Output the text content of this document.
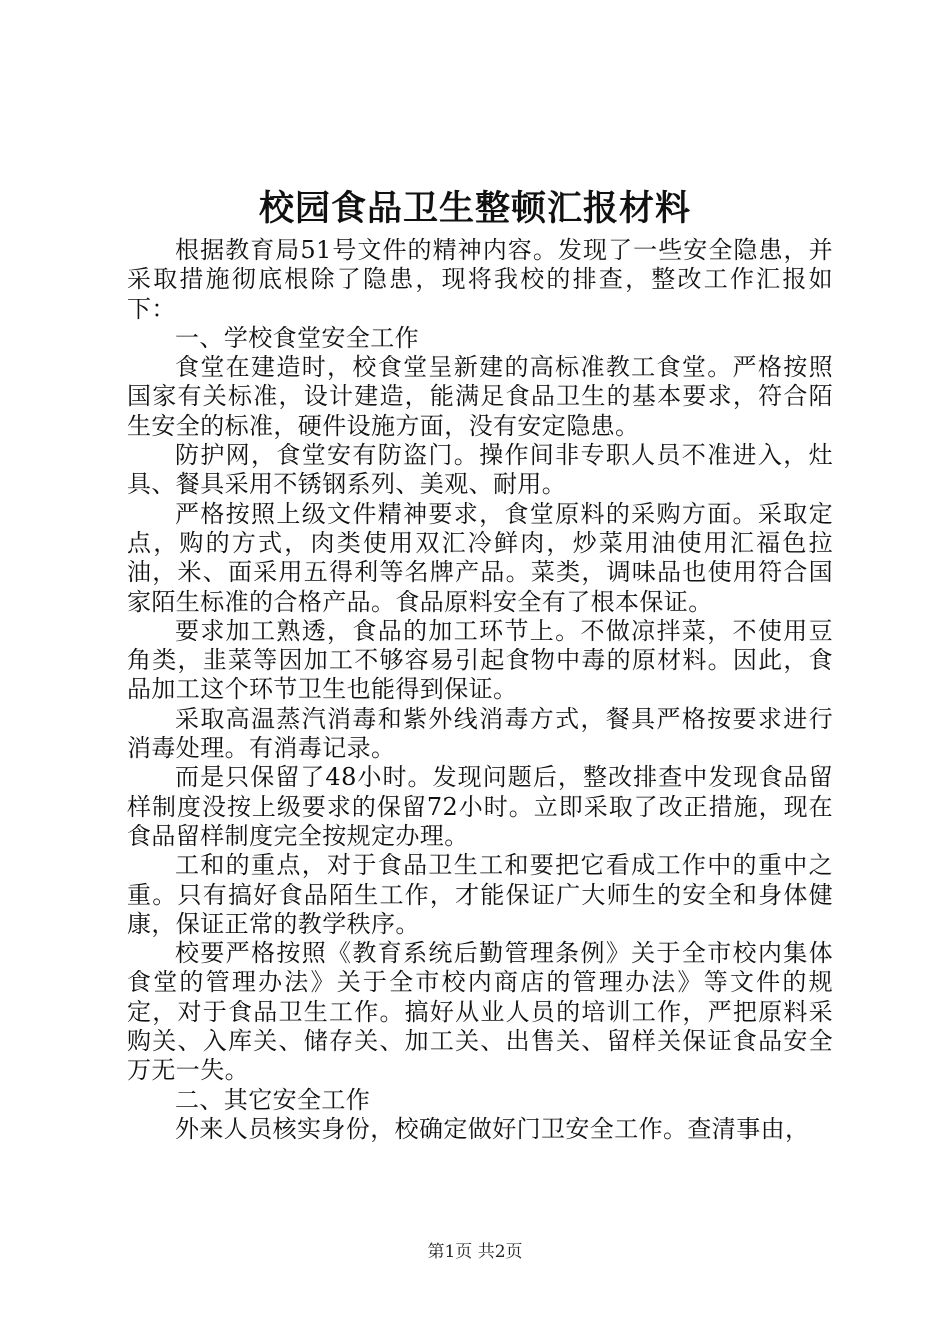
校园食品卫生整顿汇报材料

根据教育局51号文件的精神内容。发现了一些安全隐患，并采取措施彻底根除了隐患，现将我校的排查，整改工作汇报如下：

一、学校食堂安全工作

食堂在建造时，校食堂呈新建的高标准教工食堂。严格按照国家有关标准，设计建造，能满足食品卫生的基本要求，符合陌生安全的标准，硬件设施方面，没有安定隐患。

防护网，食堂安有防盗门。操作间非专职人员不准进入，灶具、餐具采用不锈钢系列、美观、耐用。

严格按照上级文件精神要求，食堂原料的采购方面。采取定点，购的方式，肉类使用双汇冷鲜肉，炒菜用油使用汇福色拉油，米、面采用五得利等名牌产品。菜类，调味品也使用符合国家陌生标准的合格产品。食品原料安全有了根本保证。

要求加工熟透，食品的加工环节上。不做凉拌菜，不使用豆角类，韭菜等因加工不够容易引起食物中毒的原材料。因此，食品加工这个环节卫生也能得到保证。

采取高温蒸汽消毒和紫外线消毒方式，餐具严格按要求进行消毒处理。有消毒记录。

而是只保留了48小时。发现问题后，整改排查中发现食品留样制度没按上级要求的保留72小时。立即采取了改正措施，现在食品留样制度完全按规定办理。

工和的重点，对于食品卫生工和要把它看成工作中的重中之重。只有搞好食品陌生工作，才能保证广大师生的安全和身体健康，保证正常的教学秩序。

校要严格按照《教育系统后勤管理条例》关于全市校内集体食堂的管理办法》关于全市校内商店的管理办法》等文件的规定，对于食品卫生工作。搞好从业人员的培训工作，严把原料采购关、入库关、储存关、加工关、出售关、留样关保证食品安全万无一失。

二、其它安全工作

外来人员核实身份，校确定做好门卫安全工作。查清事由，

第1页 共2页
